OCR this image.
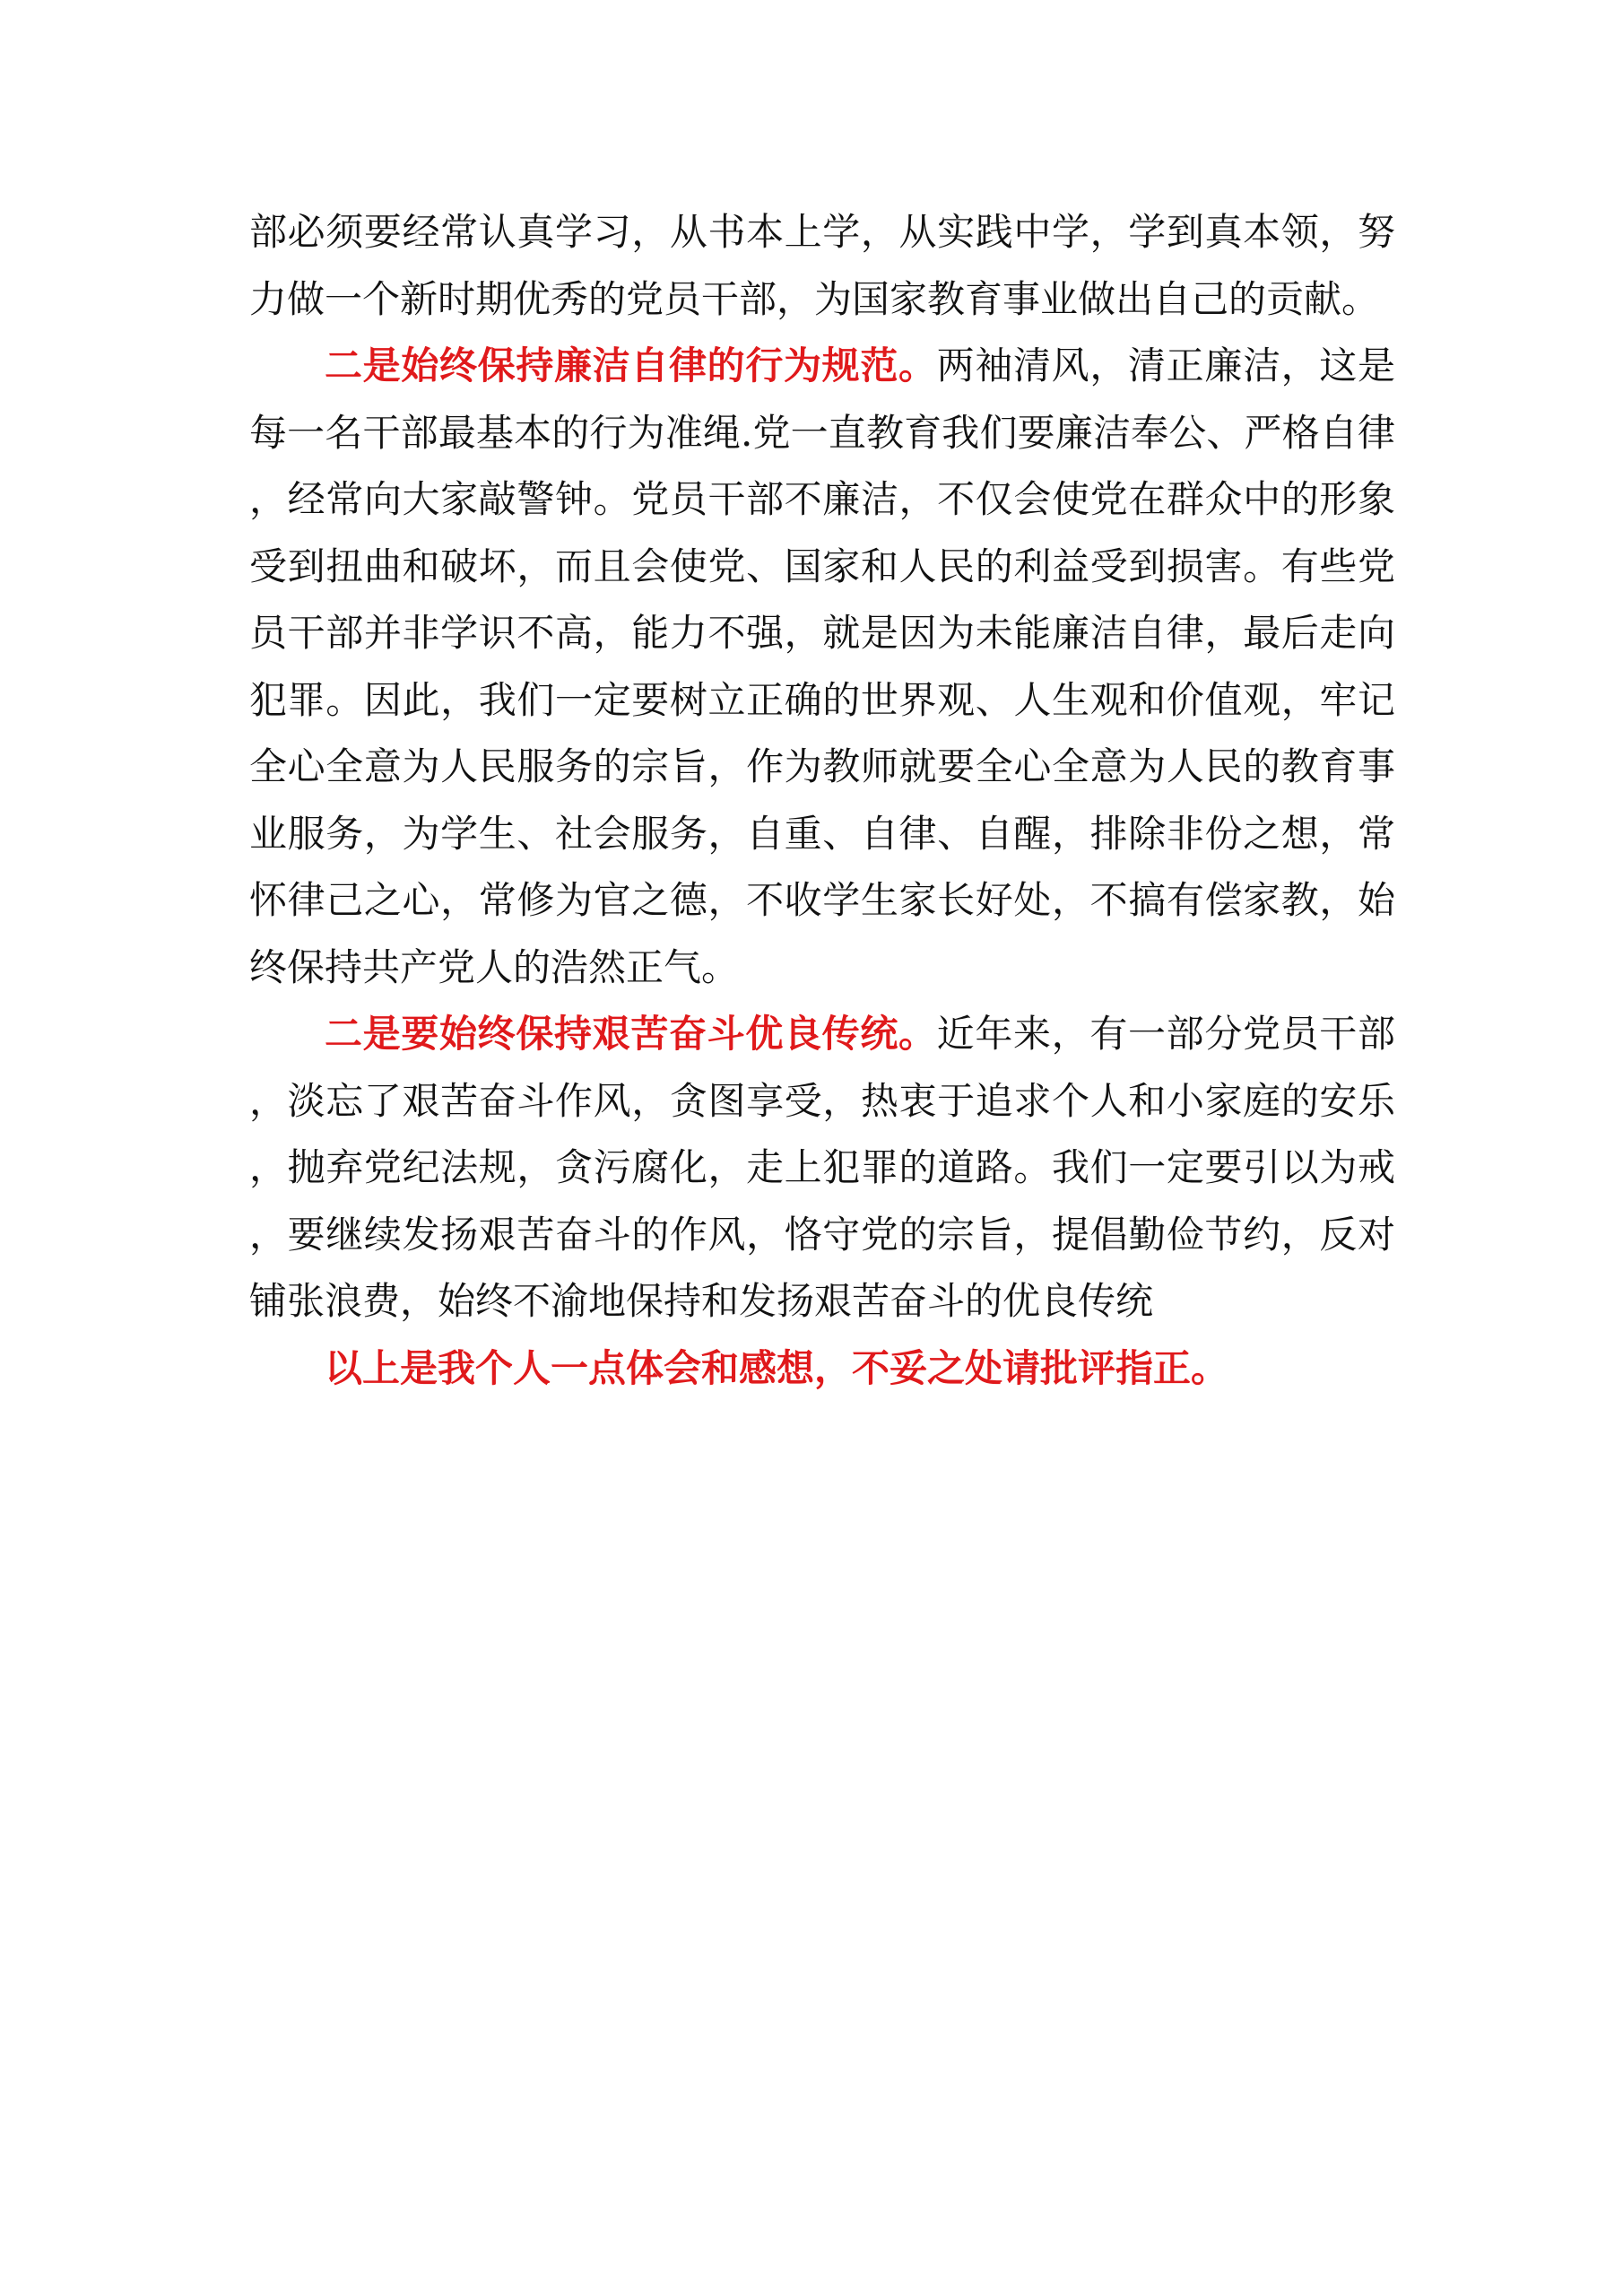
部必须要经常认真学习，从书本上学，从实践中学，学到真本领，努力做一个新时期优秀的党员干部，为国家教育事业做出自己的贡献。

二是始终保持廉洁自律的行为规范。两袖清风，清正廉洁，这是每一名干部最基本的行为准绳.党一直教育我们要廉洁奉公、严格自律，经常向大家敲警钟。党员干部不廉洁，不仅会使党在群众中的形象受到扭曲和破坏，而且会使党、国家和人民的利益受到损害。有些党员干部并非学识不高，能力不强，就是因为未能廉洁自律，最后走向犯罪。因此，我们一定要树立正确的世界观、人生观和价值观，牢记全心全意为人民服务的宗旨，作为教师就要全心全意为人民的教育事业服务，为学生、社会服务，自重、自律、自醒，排除非份之想，常怀律己之心，常修为官之德，不收学生家长好处，不搞有偿家教，始终保持共产党人的浩然正气。

二是要始终保持艰苦奋斗优良传统。近年来，有一部分党员干部，淡忘了艰苦奋斗作风，贪图享受，热衷于追求个人和小家庭的安乐，抛弃党纪法规，贪污腐化，走上犯罪的道路。我们一定要引以为戒，要继续发扬艰苦奋斗的作风，恪守党的宗旨，提倡勤俭节约，反对铺张浪费，始终不渝地保持和发扬艰苦奋斗的优良传统

以上是我个人一点体会和感想，不妥之处请批评指正。
